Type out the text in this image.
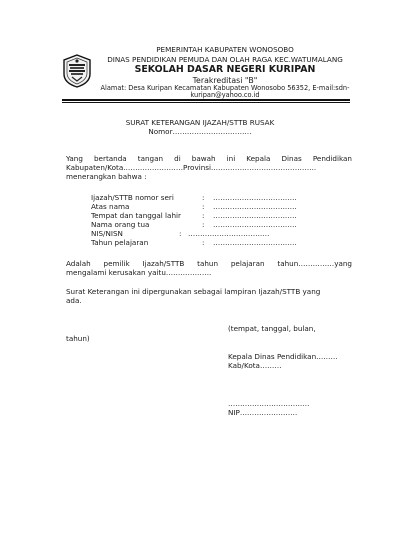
PEMERINTAH KABUPATEN WONOSOBO
DINAS PENDIDIKAN PEMUDA DAN OLAH RAGA KEC.WATUMALANG
SEKOLAH DASAR NEGERI KURIPAN
Terakreditasi "B"
Alamat: Desa Kuripan Kecamatan Kabupaten Wonosobo 56352, E-mail:sdn-
kuripan@yahoo.co.id
SURAT KETERANGAN IJAZAH/STTB RUSAK
Nomor……………………………
Yang bertanda tangan di bawah ini Kepala Dinas Pendidikan
Kabupaten/Kota.……………………Provinsi.…………………………………….
menerangkan bahwa :
Ijazah/STTB nomor seri	: ……………………………..
Atas nama	: ……………………………..
Tempat dan tanggal lahir	: ……………………………..
Nama orang tua	: ……………………………..
NIS/NISN	: …………………………….
Tahun pelajaran	: ……………………………..
Adalah pemilik Ijazah/STTB tahun pelajaran tahun……………yang
mengalami kerusakan yaitu……………….
Surat Keterangan ini dipergunakan sebagai lampiran Ijazah/STTB yang
ada.
(tempat, tanggal, bulan,
tahun)
Kepala Dinas Pendidikan………
Kab/Kota………
…………………………….
NIP……………………
